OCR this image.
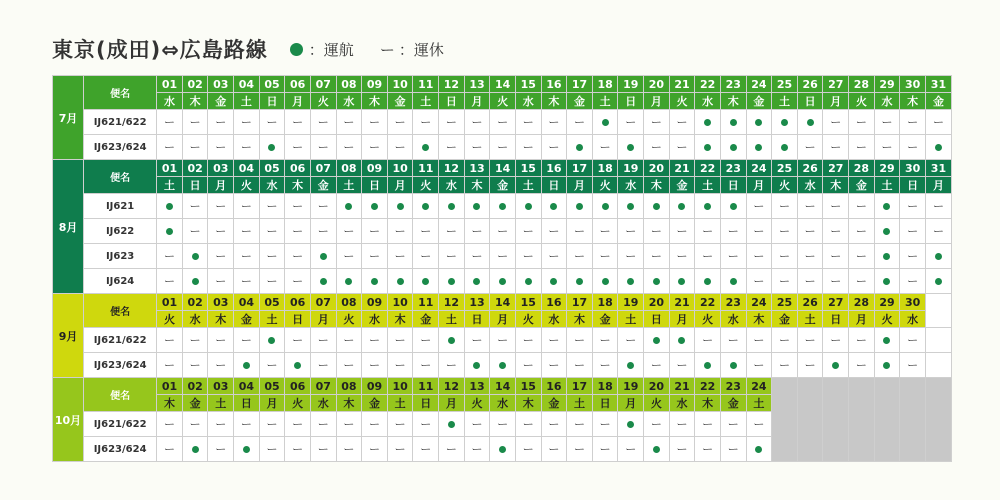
東京(成田)⇔広島路線	：運航 ー ：運休
7月	便名	01	02	03	04	05	06	07	08	09	10	11	12	13	14	15	16	17	18	19	20	21	22	23	24	25	26	27	28	29	30	31
		水	木	金	土	日	月	火	水	木	金	土	日	月	火	水	木	金	土	日	月	火	水	木	金	土	日	月	火	水	木	金
	IJ621/622	ー	ー	ー	ー	ー	ー	ー	ー	ー	ー	ー	ー	ー	ー	ー	ー	ー		ー	ー	ー						ー	ー	ー	ー	ー
	IJ623/624	ー	ー	ー	ー		ー	ー	ー	ー	ー		ー	ー	ー	ー	ー		ー		ー	ー					ー	ー	ー	ー	ー	
8月	便名	01	02	03	04	05	06	07	08	09	10	11	12	13	14	15	16	17	18	19	20	21	22	23	24	25	26	27	28	29	30	31
		土	日	月	火	水	木	金	土	日	月	火	水	木	金	土	日	月	火	水	木	金	土	日	月	火	水	木	金	土	日	月
	IJ621		ー	ー	ー	ー	ー	ー																	ー	ー	ー	ー	ー		ー	ー
	IJ622		ー	ー	ー	ー	ー	ー	ー	ー	ー	ー	ー	ー	ー	ー	ー	ー	ー	ー	ー	ー	ー	ー	ー	ー	ー	ー	ー		ー	ー
	IJ623	ー		ー	ー	ー	ー		ー	ー	ー	ー	ー	ー	ー	ー	ー	ー	ー	ー	ー	ー	ー	ー	ー	ー	ー	ー	ー		ー	
	IJ624	ー		ー	ー	ー	ー																		ー	ー	ー	ー	ー		ー	
9月	便名	01	02	03	04	05	06	07	08	09	10	11	12	13	14	15	16	17	18	19	20	21	22	23	24	25	26	27	28	29	30	
		火	水	木	金	土	日	月	火	水	木	金	土	日	月	火	水	木	金	土	日	月	火	水	木	金	土	日	月	火	水	
	IJ621/622	ー	ー	ー	ー		ー	ー	ー	ー	ー	ー		ー	ー	ー	ー	ー	ー	ー			ー	ー	ー	ー	ー	ー	ー		ー	
	IJ623/624	ー	ー	ー		ー		ー	ー	ー	ー	ー	ー			ー	ー	ー	ー		ー	ー			ー	ー	ー		ー		ー	
10月	便名	01	02	03	04	05	06	07	08	09	10	11	12	13	14	15	16	17	18	19	20	21	22	23	24							
		木	金	土	日	月	火	水	木	金	土	日	月	火	水	木	金	土	日	月	火	水	木	金	土							
	IJ621/622	ー	ー	ー	ー	ー	ー	ー	ー	ー	ー	ー		ー	ー	ー	ー	ー	ー		ー	ー	ー	ー	ー							
	IJ623/624	ー		ー		ー	ー	ー	ー	ー	ー	ー	ー	ー		ー	ー	ー	ー	ー		ー	ー	ー								
